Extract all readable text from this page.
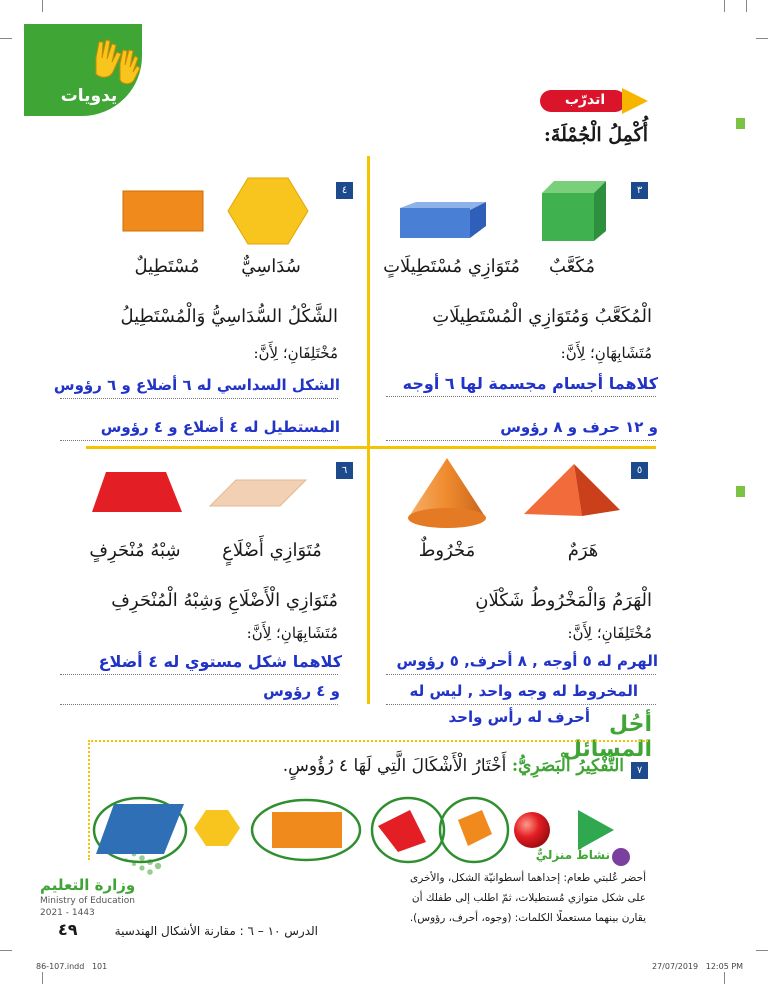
يدويات	اتدرّب
أُكْمِلُ الْجُمْلَةَ:
٣
مُكَعَّبٌ
مُتَوَازِي مُسْتَطِيلَاتٍ
الْمُكَعَّبُ وَمُتَوَازِي الْمُسْتَطِيلَاتِ
مُتَشَابِهَانِ؛ لِأَنَّ:
كلاهما أجسام مجسمة لها ٦ أوجه
و ١٢ حرف و ٨ رؤوس
٤
سُدَاسِيٌّ
مُسْتَطِيلٌ
الشَّكْلُ السُّدَاسِيُّ وَالْمُسْتَطِيلُ
مُخْتَلِفَانِ؛ لِأَنَّ:
الشكل السداسي له ٦ أضلاع و ٦ رؤوس
المستطيل له ٤ أضلاع و ٤ رؤوس
٥
هَرَمٌ
مَخْرُوطٌ
الْهَرَمُ وَالْمَخْرُوطُ شَكْلَانِ
مُخْتَلِفَانِ؛ لِأَنَّ:
الهرم له ٥ أوجه , ٨ أحرف, ٥ رؤوس
المخروط له وجه واحد , ليس له
أحرف له رأس واحد
٦
مُتَوَازِي أَضْلَاعٍ
شِبْهُ مُنْحَرِفٍ
مُتَوَازِي الْأَضْلَاعِ وَشِبْهُ الْمُنْحَرِفِ
مُتَشَابِهَانِ؛ لِأَنَّ:
كلاهما شكل مستوي له ٤ أضلاع
و ٤ رؤوس
أحُل المسائل
٧
التَّفْكِيرُ الْبَصَرِيُّ: أَخْتَارُ الْأَشْكَالَ الَّتِي لَهَا ٤ رُؤُوسٍ.
نشاطٌ منزليٌّ
أحضر عُلبتي طعام: إحداهما أسطوانيّة الشكل، والأخرى
على شكل متوازي مُستطيلات، ثمّ اطلب إلى طفلك أن
يقارن بينهما مستعملًا الكلمات: (وجوه، أحرف، رؤوس).
وزارة التعليم
Ministry of Education
2021 - 1443
الدرس ١٠ – ٦ : مقارنة الأشكال الهندسية
٤٩
86-107.indd   101	27/07/2019   12:05 PM
